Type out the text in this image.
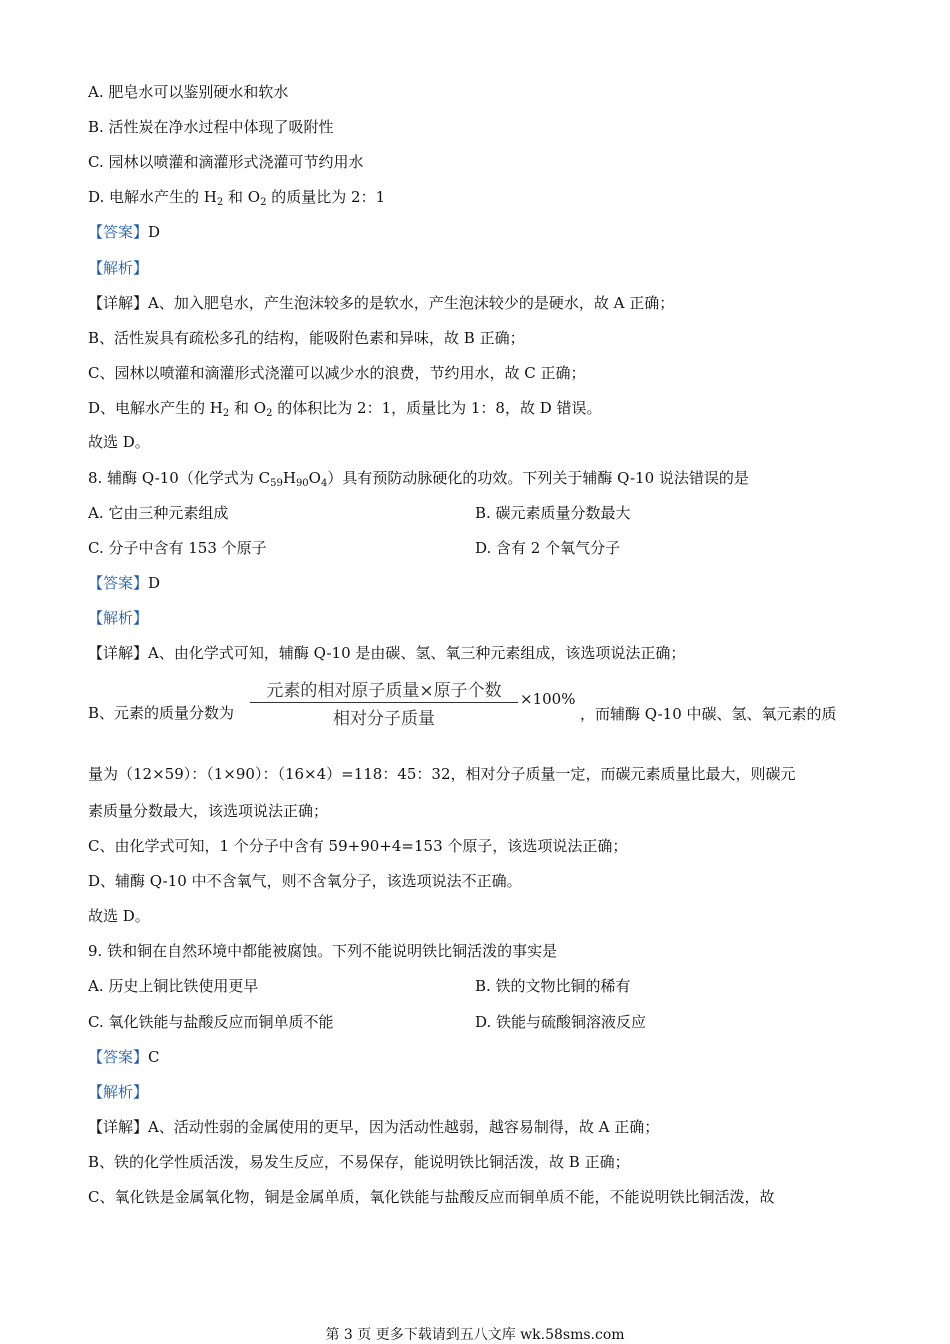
A. 肥皂水可以鉴别硬水和软水
B. 活性炭在净水过程中体现了吸附性
C. 园林以喷灌和滴灌形式浇灌可节约用水
D. 电解水产生的 $H_2$ 和 $O_2$ 的质量比为 2：1
【答案】D
【解析】
【详解】A、加入肥皂水，产生泡沫较多的是软水，产生泡沫较少的是硬水，故 A 正确；
B、活性炭具有疏松多孔的结构，能吸附色素和异味，故 B 正确；
C、园林以喷灌和滴灌形式浇灌可以减少水的浪费，节约用水，故 C 正确；
D、电解水产生的 $H_2$ 和 $O_2$ 的体积比为 2：1，质量比为 1：8，故 D 错误。
故选 D。
8. 辅酶 Q-10（化学式为 $C_{59}H_{90}O_4$）具有预防动脉硬化的功效。下列关于辅酶 Q-10 说法错误的是
A. 它由三种元素组成	B. 碳元素质量分数最大
C. 分子中含有 153 个原子	D. 含有 2 个氧气分子
【答案】D
【解析】
【详解】A、由化学式可知，辅酶 Q-10 是由碳、氢、氧三种元素组成，该选项说法正确；
B、元素的质量分数为
元素的相对原子质量×原子个数
相对分子质量
×100%
，而辅酶 Q-10 中碳、氢、氧元素的质
量为（12×59）：（1×90）：（16×4）=118：45：32，相对分子质量一定，而碳元素质量比最大，则碳元
素质量分数最大，该选项说法正确；
C、由化学式可知，1 个分子中含有 59+90+4=153 个原子，该选项说法正确；
D、辅酶 Q-10 中不含氧气，则不含氧分子，该选项说法不正确。
故选 D。
9. 铁和铜在自然环境中都能被腐蚀。下列不能说明铁比铜活泼的事实是
A. 历史上铜比铁使用更早	B. 铁的文物比铜的稀有
C. 氧化铁能与盐酸反应而铜单质不能	D. 铁能与硫酸铜溶液反应
【答案】C
【解析】
【详解】A、活动性弱的金属使用的更早，因为活动性越弱，越容易制得，故 A 正确；
B、铁的化学性质活泼，易发生反应，不易保存，能说明铁比铜活泼，故 B 正确；
C、氧化铁是金属氧化物，铜是金属单质，氧化铁能与盐酸反应而铜单质不能，不能说明铁比铜活泼，故
第 3 页 更多下载请到五八文库 wk.58sms.com
